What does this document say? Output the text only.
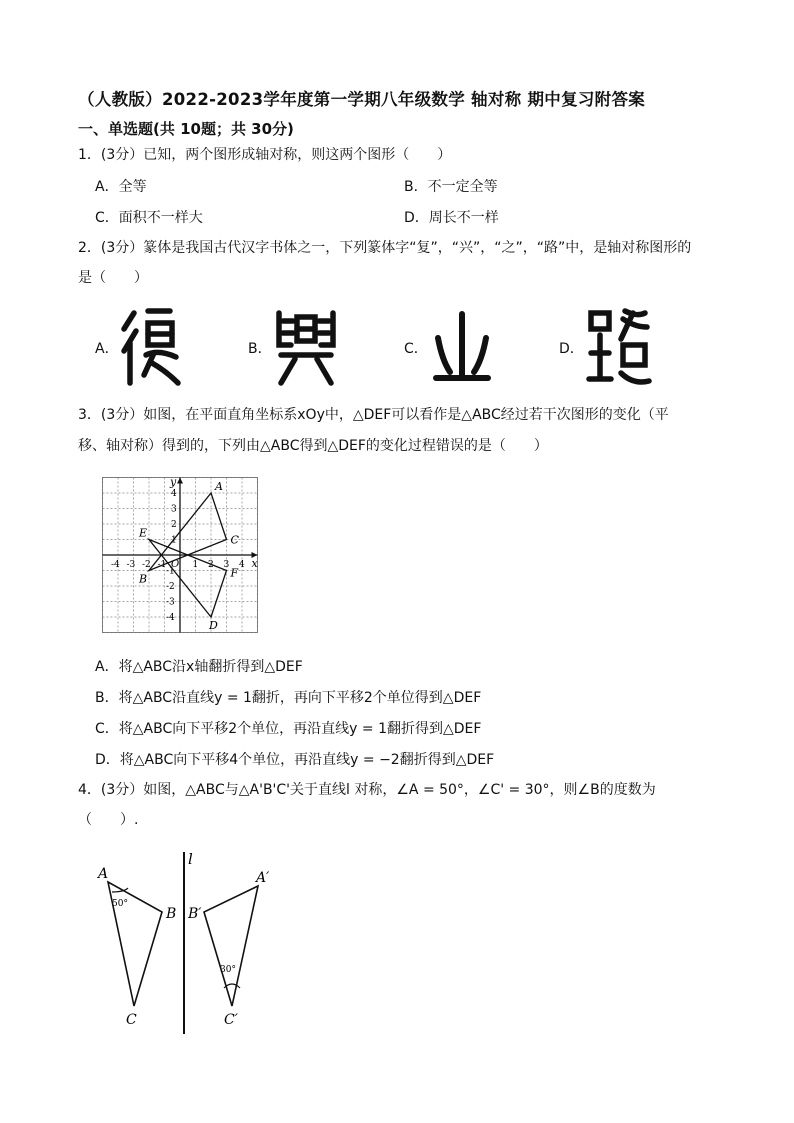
（人教版）2022-2023学年度第一学期八年级数学 轴对称 期中复习附答案
一、单选题(共 10题；共 30分)
1．(3分）已知，两个图形成轴对称，则这两个图形（　　）
A．全等	B．不一定全等
C．面积不一样大	D．周长不一样
2．(3分）篆体是我国古代汉字书体之一，下列篆体字“复”，“兴”，“之”，“路”中，是轴对称图形的
是（　　）
A．	B．	C．	D．
3．(3分）如图，在平面直角坐标系xOy中，△DEF可以看作是△ABC经过若干次图形的变化（平
移、轴对称）得到的，下列由△ABC得到△DEF的变化过程错误的是（　　）
x
y
O
-4 -3 -2 -1	1 2 3 4
4
3
2
1
-1
-2
-3
-4
A
B
C
D
E
F
A．将△ABC沿x轴翻折得到△DEF
B．将△ABC沿直线y = 1翻折，再向下平移2个单位得到△DEF
C．将△ABC向下平移2个单位，再沿直线y = 1翻折得到△DEF
D．将△ABC向下平移4个单位，再沿直线y = −2翻折得到△DEF
4．(3分）如图，△ABC与△A'B'C'关于直线l 对称，∠A = 50°，∠C' = 30°，则∠B的度数为
（　　）.
l
A
B
C
50°
A′
B′
C′
30°
